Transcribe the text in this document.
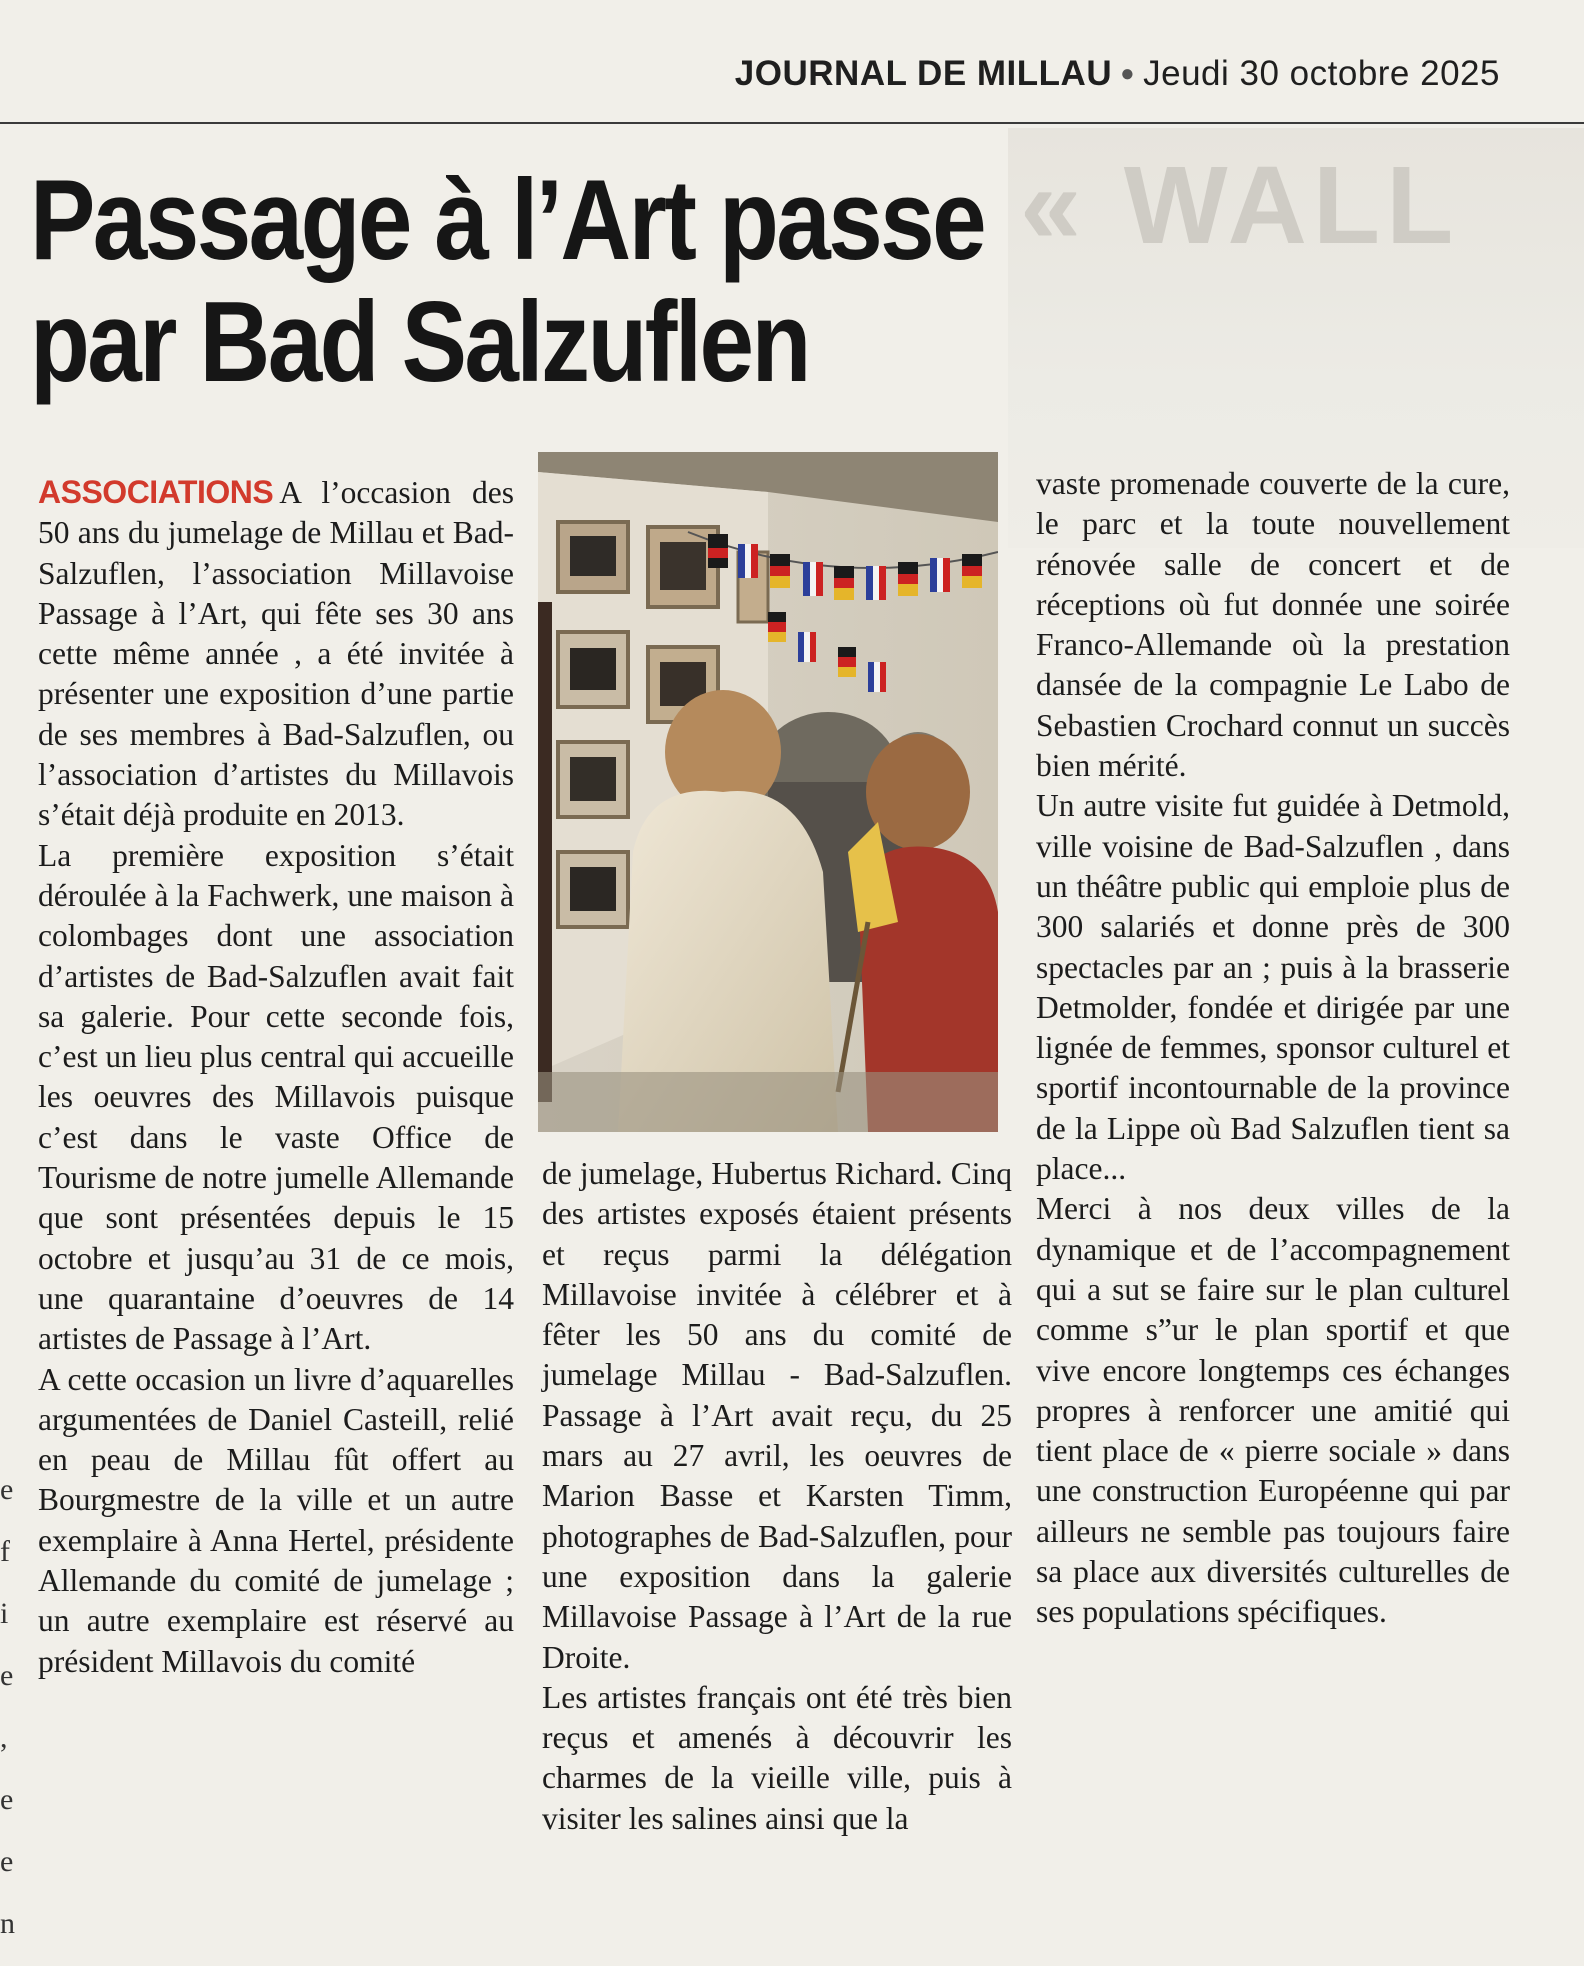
JOURNAL DE MILLAU ● Jeudi 30 octobre 2025
« WALL
Passage à l’Art passe
par Bad Salzuflen
e
f
i
e
,
e
e
n

ASSOCIATIONS A l’occasion des 50 ans du jumelage de Millau et Bad-Salzuflen, l’association Millavoise Passage à l’Art, qui fête ses 30 ans cette même année , a été invitée à présenter une exposition d’une partie de ses membres à Bad-Salzuflen, ou l’association d’artistes du Millavois s’était déjà produite en 2013.

La première exposition s’était déroulée à la Fachwerk, une maison à colombages dont une association d’artistes de Bad-Salzuflen avait fait sa galerie. Pour cette seconde fois, c’est un lieu plus central qui accueille les oeuvres des Millavois puisque c’est dans le vaste Office de Tourisme de notre jumelle Allemande que sont présentées depuis le 15 octobre et jusqu’au 31 de ce mois, une quarantaine d’oeuvres de 14 artistes de Passage à l’Art.

A cette occasion un livre d’aquarelles argumentées de Daniel Casteill, relié en peau de Millau fût offert au Bourgmestre de la ville et un autre exemplaire à Anna Hertel, présidente Allemande du comité de jumelage ; un autre exemplaire est réservé au président Millavois du comité

de jumelage, Hubertus Richard. Cinq des artistes exposés étaient présents et reçus parmi la délégation Millavoise invitée à célébrer et à fêter les 50 ans du comité de jumelage Millau - Bad-Salzuflen. Passage à l’Art avait reçu, du 25 mars au 27 avril, les oeuvres de Marion Basse et Karsten Timm, photographes de Bad-Salzuflen, pour une exposition dans la galerie Millavoise Passage à l’Art de la rue Droite.

Les artistes français ont été très bien reçus et amenés à découvrir les charmes de la vieille ville, puis à visiter les salines ainsi que la

vaste promenade couverte de la cure, le parc et la toute nouvellement rénovée salle de concert et de réceptions où fut donnée une soirée Franco-Allemande où la prestation dansée de la compagnie Le Labo de Sebastien Crochard connut un succès bien mérité.

Un autre visite fut guidée à Detmold, ville voisine de Bad-Salzuflen , dans un théâtre public qui emploie plus de 300 salariés et donne près de 300 spectacles par an ; puis à la brasserie Detmolder, fondée et dirigée par une lignée de femmes, sponsor culturel et sportif incontournable de la province de la Lippe où Bad Salzuflen tient sa place...

Merci à nos deux villes de la dynamique et de l’accompagnement qui a sut se faire sur le plan culturel comme s”ur le plan sportif et que vive encore longtemps ces échanges propres à renforcer une amitié qui tient place de « pierre sociale » dans une construction Européenne qui par ailleurs ne semble pas toujours faire sa place aux diversités culturelles de ses populations spécifiques.
